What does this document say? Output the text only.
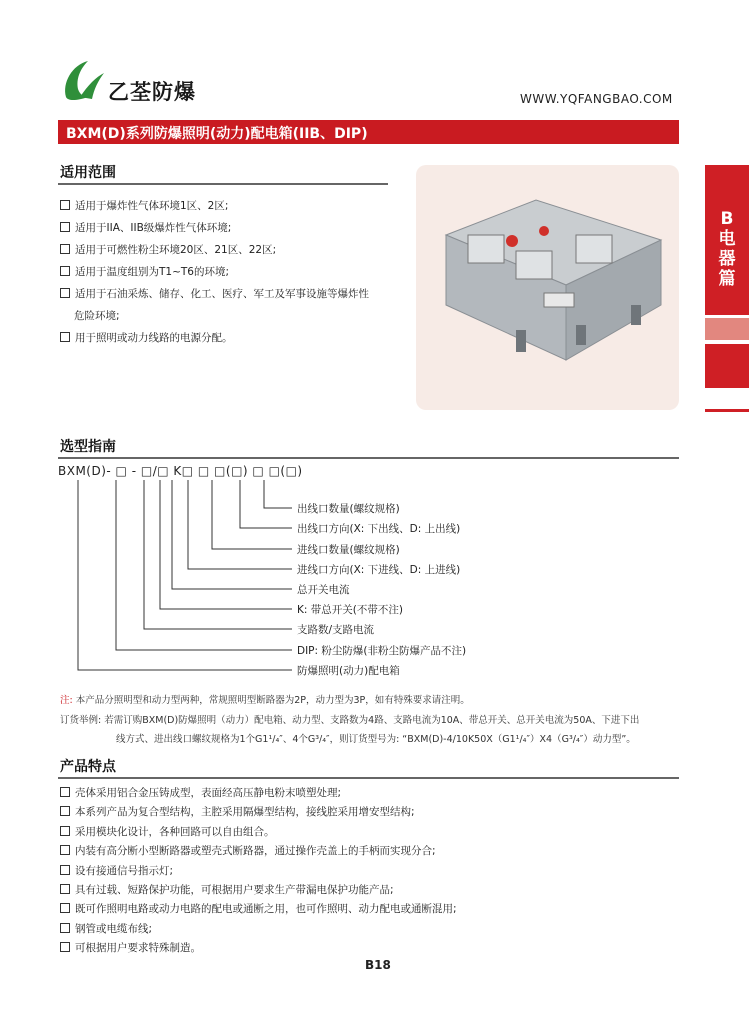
乙荃防爆	WWW.YQFANGBAO.COM
BXM(D)系列防爆照明(动力)配电箱(IIB、DIP)
B
电
器
篇
适用范围
适用于爆炸性气体环境1区、2区;
适用于IIA、IIB级爆炸性气体环境;
适用于可燃性粉尘环境20区、21区、22区;
适用于温度组别为T1~T6的环境;
适用于石油采炼、储存、化工、医疗、军工及军事设施等爆炸性
危险环境;
用于照明或动力线路的电源分配。
选型指南
BXM(D)- □ - □/□ K□ □ □(□) □ □(□)
出线口数量(螺纹规格)
出线口方向(X: 下出线、D: 上出线)
进线口数量(螺纹规格)
进线口方向(X: 下进线、D: 上进线)
总开关电流
K: 带总开关(不带不注)
支路数/支路电流
DIP: 粉尘防爆(非粉尘防爆产品不注)
防爆照明(动力)配电箱
注: 本产品分照明型和动力型两种，常规照明型断路器为2P，动力型为3P，如有特殊要求请注明。
订货举例: 若需订购BXM(D)防爆照明（动力）配电箱、动力型、支路数为4路、支路电流为10A、带总开关、总开关电流为50A、下进下出
线方式、进出线口螺纹规格为1个G1¹/₄″、4个G³/₄″，则订货型号为: “BXM(D)-4/10K50X（G1¹/₄″）X4（G³/₄″）动力型”。
产品特点
壳体采用铝合金压铸成型，表面经高压静电粉末喷塑处理;
本系列产品为复合型结构，主腔采用隔爆型结构，接线腔采用增安型结构;
采用模块化设计，各种回路可以自由组合。
内装有高分断小型断路器或塑壳式断路器，通过操作壳盖上的手柄而实现分合;
设有接通信号指示灯;
具有过载、短路保护功能，可根据用户要求生产带漏电保护功能产品;
既可作照明电路或动力电路的配电或通断之用，也可作照明、动力配电或通断混用;
钢管或电缆布线;
可根据用户要求特殊制造。
B18
